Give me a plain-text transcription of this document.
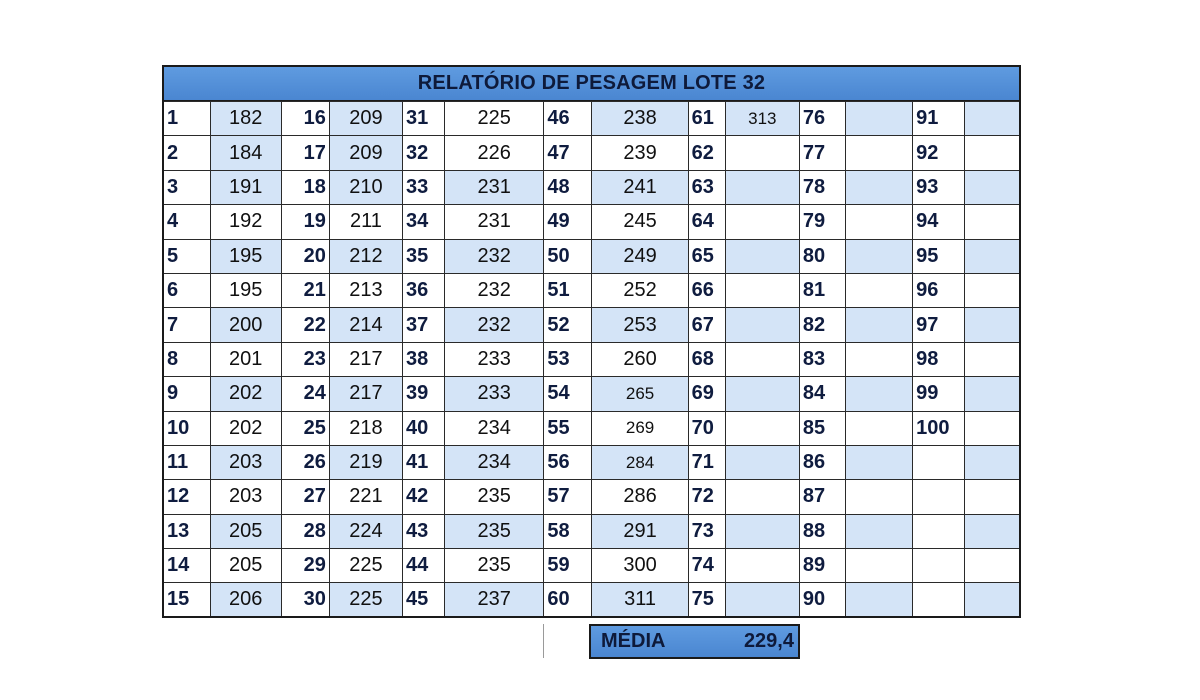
RELATÓRIO DE PESAGEM LOTE 32
1	182	16	209	31	225	46	238	61	313	76		91	
2	184	17	209	32	226	47	239	62		77		92	
3	191	18	210	33	231	48	241	63		78		93	
4	192	19	211	34	231	49	245	64		79		94	
5	195	20	212	35	232	50	249	65		80		95	
6	195	21	213	36	232	51	252	66		81		96	
7	200	22	214	37	232	52	253	67		82		97	
8	201	23	217	38	233	53	260	68		83		98	
9	202	24	217	39	233	54	265	69		84		99	
10	202	25	218	40	234	55	269	70		85		100	
11	203	26	219	41	234	56	284	71		86			
12	203	27	221	42	235	57	286	72		87			
13	205	28	224	43	235	58	291	73		88			
14	205	29	225	44	235	59	300	74		89			
15	206	30	225	45	237	60	311	75		90			
MÉDIA	229,4
